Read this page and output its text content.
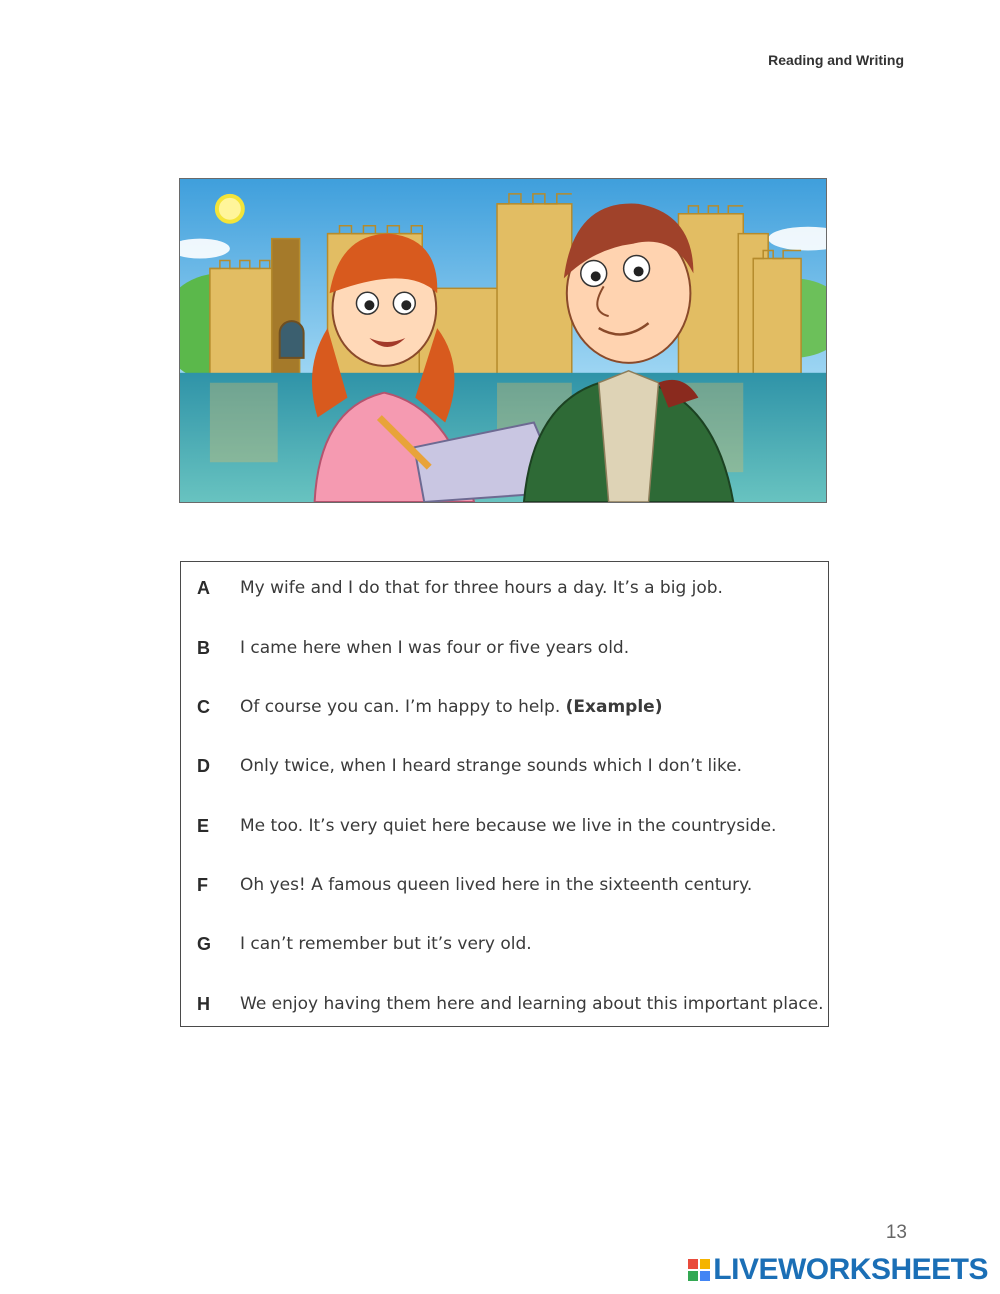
Reading and Writing
A	My wife and I do that for three hours a day. It’s a big job.
B	I came here when I was four or five years old.
C	Of course you can. I’m happy to help. (Example)
D	Only twice, when I heard strange sounds which I don’t like.
E	Me too. It’s very quiet here because we live in the countryside.
F	Oh yes! A famous queen lived here in the sixteenth century.
G	I can’t remember but it’s very old.
H	We enjoy having them here and learning about this important place.
13
LIVEWORKSHEETS
